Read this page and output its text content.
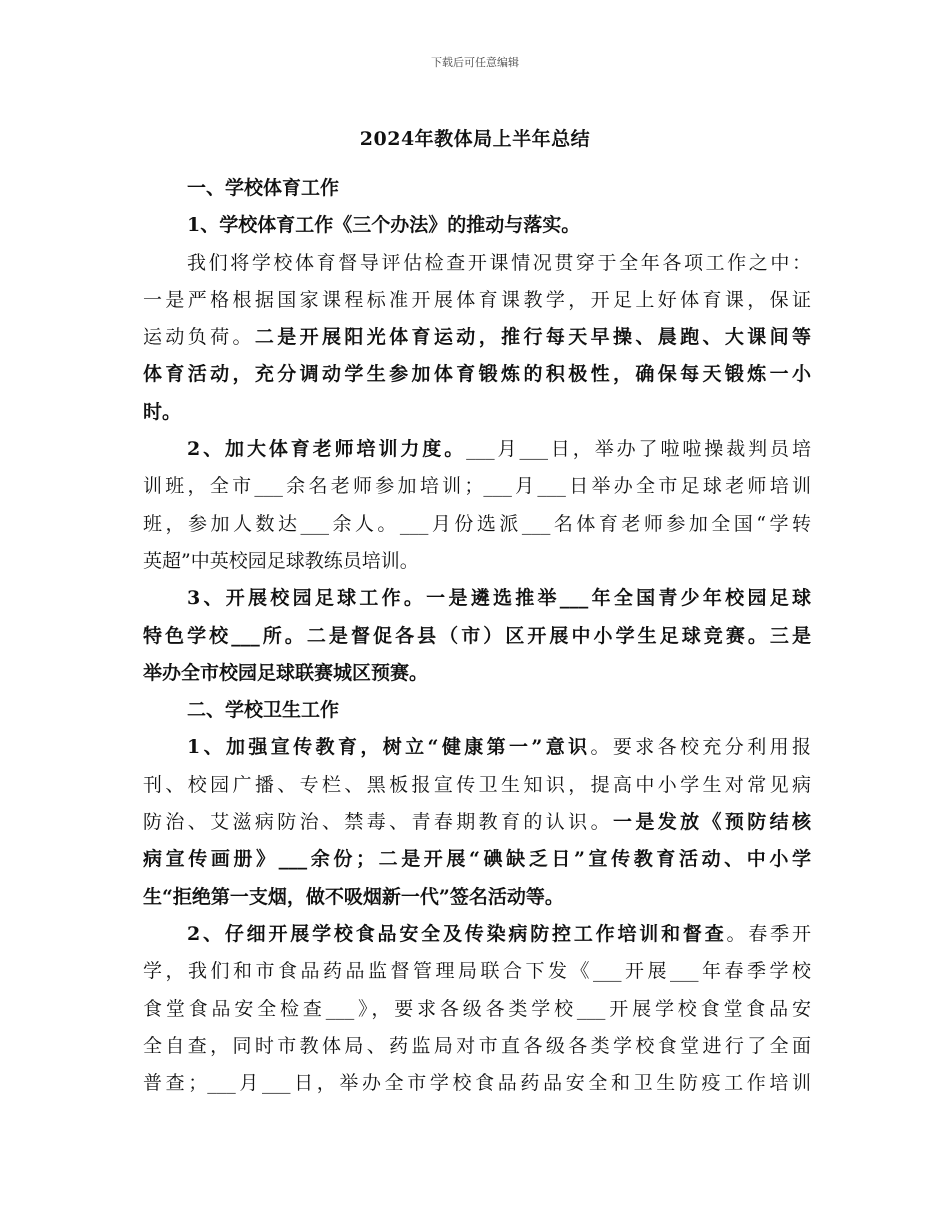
下载后可任意编辑
2024年教体局上半年总结
一、学校体育工作
1、学校体育工作《三个办法》的推动与落实。
我们将学校体育督导评估检查开课情况贯穿于全年各项工作之中：
一是严格根据国家课程标准开展体育课教学，开足上好体育课，保证
运动负荷。二是开展阳光体育运动，推行每天早操、晨跑、大课间等
体育活动，充分调动学生参加体育锻炼的积极性，确保每天锻炼一小
时。
2、加大体育老师培训力度。___月___日，举办了啦啦操裁判员培
训班，全市___余名老师参加培训；___月___日举办全市足球老师培训
班，参加人数达___余人。___月份选派___名体育老师参加全国“学转
英超”中英校园足球教练员培训。
3、开展校园足球工作。一是遴选推举___年全国青少年校园足球
特色学校___所。二是督促各县（市）区开展中小学生足球竞赛。三是
举办全市校园足球联赛城区预赛。
二、学校卫生工作
1、加强宣传教育，树立“健康第一”意识。要求各校充分利用报
刊、校园广播、专栏、黑板报宣传卫生知识，提高中小学生对常见病
防治、艾滋病防治、禁毒、青春期教育的认识。一是发放《预防结核
病宣传画册》___余份；二是开展“碘缺乏日”宣传教育活动、中小学
生“拒绝第一支烟，做不吸烟新一代”签名活动等。
2、仔细开展学校食品安全及传染病防控工作培训和督查。春季开
学，我们和市食品药品监督管理局联合下发《___开展___年春季学校
食堂食品安全检查___》，要求各级各类学校___开展学校食堂食品安
全自查，同时市教体局、药监局对市直各级各类学校食堂进行了全面
普查；___月___日，举办全市学校食品药品安全和卫生防疫工作培训
